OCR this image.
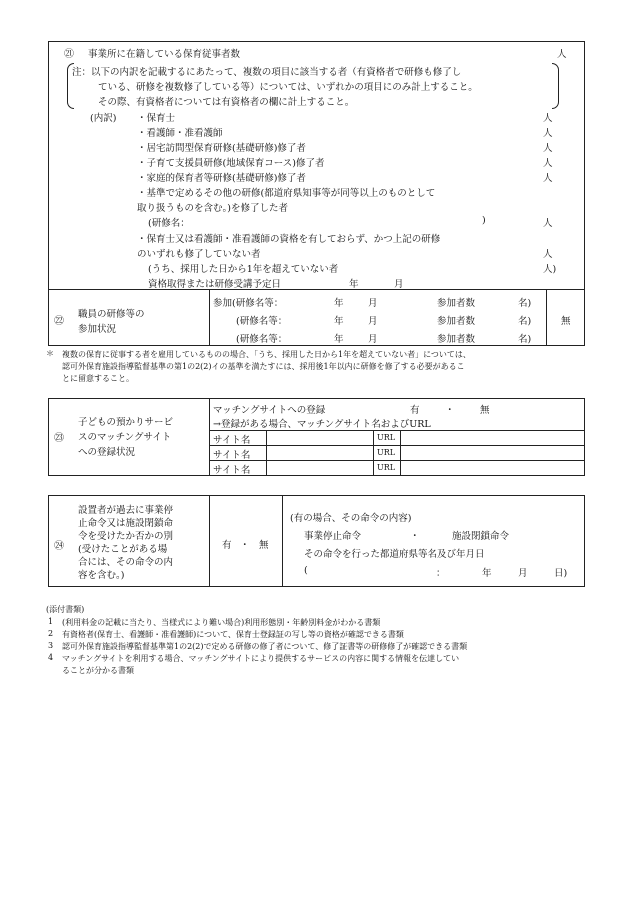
㉑ 事業所に在籍している保育従事者数	人
注：以下の内訳を記載するにあたって、複数の項目に該当する者（有資格者で研修も修了し
ている、研修を複数修了している等）については、いずれかの項目にのみ計上すること。
その際、有資格者については有資格者の欄に計上すること。
(内訳) ・保育士	人
・看護師・准看護師	人
・居宅訪問型保育研修(基礎研修)修了者	人
・子育て支援員研修(地域保育コース)修了者	人
・家庭的保育者等研修(基礎研修)修了者	人
・基準で定めるその他の研修(都道府県知事等が同等以上のものとして
取り扱うものを含む。)を修了した者
(研修名：	)	人
・保育士又は看護師・准看護師の資格を有しておらず、かつ上記の研修
のいずれも修了していない者	人
(うち、採用した日から1年を超えていない者	人)
資格取得または研修受講予定日	年	月
㉒
職員の研修等の
参加状況
参加(研修名等：	年	月	参加者数	名)
(研修名等：	年	月	参加者数	名)
(研修名等：	年	月	参加者数	名)
無
＊ 複数の保育に従事する者を雇用しているものの場合、「うち、採用した日から1年を超えていない者」については、
認可外保育施設指導監督基準の第1の2(2)イの基準を満たすには、採用後1年以内に研修を修了する必要があるこ
とに留意すること。
㉓
子どもの預かりサービ
スのマッチングサイト
への登録状況
マッチングサイトへの登録	有	・	無
→登録がある場合、マッチングサイト名およびURL
サイト名	URL
サイト名	URL
サイト名	URL
㉔
設置者が過去に事業停
止命令又は施設閉鎖命
令を受けたか否かの別
(受けたことがある場
合には、その命令の内
容を含む。)
有 ・ 無
(有の場合、その命令の内容)
事業停止命令	・	施設閉鎖命令
その命令を行った都道府県等名及び年月日
(	：	年	月	日)
(添付書類)
1 (利用料金の記載に当たり、当様式により難い場合)利用形態別・年齢別料金がわかる書類
2 有資格者(保育士、看護師・准看護師)について、保育士登録証の写し等の資格が確認できる書類
3 認可外保育施設指導監督基準第1の2(2)で定める研修の修了者について、修了証書等の研修修了が確認できる書類
4 マッチングサイトを利用する場合、マッチングサイトにより提供するサービスの内容に関する情報を伝達してい
ることが分かる書類
